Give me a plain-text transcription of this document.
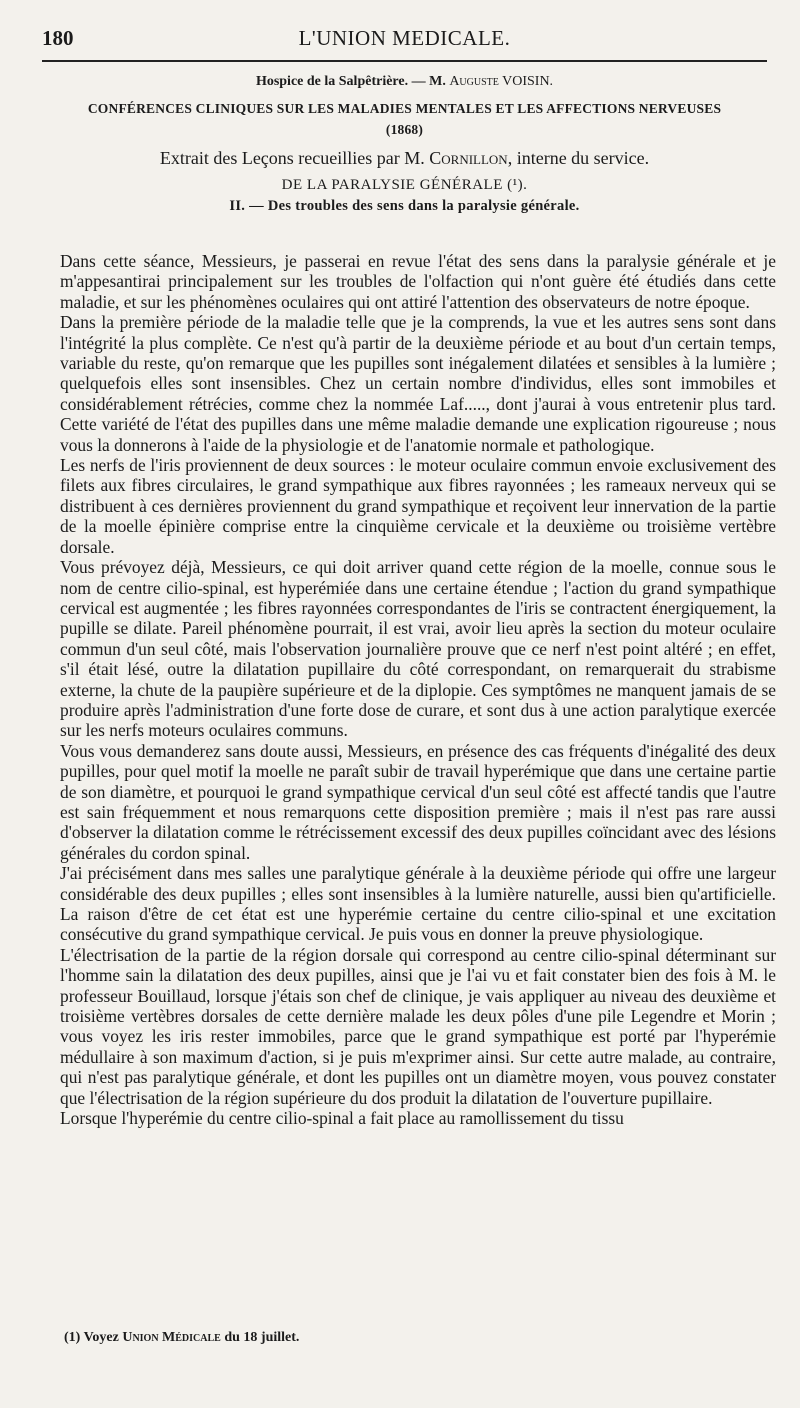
180	L'UNION MEDICALE.

Hospice de la Salpêtrière. — M. Auguste VOISIN.

CONFÉRENCES CLINIQUES SUR LES MALADIES MENTALES ET LES AFFECTIONS NERVEUSES

(1868)

Extrait des Leçons recueillies par M. Cornillon, interne du service.

DE LA PARALYSIE GÉNÉRALE (¹).

II. — Des troubles des sens dans la paralysie générale.

Dans cette séance, Messieurs, je passerai en revue l'état des sens dans la paralysie générale et je m'appesantirai principalement sur les troubles de l'olfaction qui n'ont guère été étudiés dans cette maladie, et sur les phénomènes oculaires qui ont attiré l'attention des observateurs de notre époque.

Dans la première période de la maladie telle que je la comprends, la vue et les autres sens sont dans l'intégrité la plus complète. Ce n'est qu'à partir de la deuxième période et au bout d'un certain temps, variable du reste, qu'on remarque que les pupilles sont inégalement dilatées et sensibles à la lumière ; quelquefois elles sont insensibles. Chez un certain nombre d'individus, elles sont immobiles et considérablement rétrécies, comme chez la nommée Laf....., dont j'aurai à vous entretenir plus tard. Cette variété de l'état des pupilles dans une même maladie demande une explication rigoureuse ; nous vous la donnerons à l'aide de la physiologie et de l'anatomie normale et pathologique.

Les nerfs de l'iris proviennent de deux sources : le moteur oculaire commun envoie exclusivement des filets aux fibres circulaires, le grand sympathique aux fibres rayonnées ; les rameaux nerveux qui se distribuent à ces dernières proviennent du grand sympathique et reçoivent leur innervation de la partie de la moelle épinière comprise entre la cinquième cervicale et la deuxième ou troisième vertèbre dorsale.

Vous prévoyez déjà, Messieurs, ce qui doit arriver quand cette région de la moelle, connue sous le nom de centre cilio-spinal, est hyperémiée dans une certaine étendue ; l'action du grand sympathique cervical est augmentée ; les fibres rayonnées correspondantes de l'iris se contractent énergiquement, la pupille se dilate. Pareil phénomène pourrait, il est vrai, avoir lieu après la section du moteur oculaire commun d'un seul côté, mais l'observation journalière prouve que ce nerf n'est point altéré ; en effet, s'il était lésé, outre la dilatation pupillaire du côté correspondant, on remarquerait du strabisme externe, la chute de la paupière supérieure et de la diplopie. Ces symptômes ne manquent jamais de se produire après l'administration d'une forte dose de curare, et sont dus à une action paralytique exercée sur les nerfs moteurs oculaires communs.

Vous vous demanderez sans doute aussi, Messieurs, en présence des cas fréquents d'inégalité des deux pupilles, pour quel motif la moelle ne paraît subir de travail hyperémique que dans une certaine partie de son diamètre, et pourquoi le grand sympathique cervical d'un seul côté est affecté tandis que l'autre est sain fréquemment et nous remarquons cette disposition première ; mais il n'est pas rare aussi d'observer la dilatation comme le rétrécissement excessif des deux pupilles coïncidant avec des lésions générales du cordon spinal.

J'ai précisément dans mes salles une paralytique générale à la deuxième période qui offre une largeur considérable des deux pupilles ; elles sont insensibles à la lumière naturelle, aussi bien qu'artificielle. La raison d'être de cet état est une hyperémie certaine du centre cilio-spinal et une excitation consécutive du grand sympathique cervical. Je puis vous en donner la preuve physiologique.

L'électrisation de la partie de la région dorsale qui correspond au centre cilio-spinal déterminant sur l'homme sain la dilatation des deux pupilles, ainsi que je l'ai vu et fait constater bien des fois à M. le professeur Bouillaud, lorsque j'étais son chef de clinique, je vais appliquer au niveau des deuxième et troisième vertèbres dorsales de cette dernière malade les deux pôles d'une pile Legendre et Morin ; vous voyez les iris rester immobiles, parce que le grand sympathique est porté par l'hyperémie médullaire à son maximum d'action, si je puis m'exprimer ainsi. Sur cette autre malade, au contraire, qui n'est pas paralytique générale, et dont les pupilles ont un diamètre moyen, vous pouvez constater que l'électrisation de la région supérieure du dos produit la dilatation de l'ouverture pupillaire.

Lorsque l'hyperémie du centre cilio-spinal a fait place au ramollissement du tissu

(1) Voyez Union Médicale du 18 juillet.
